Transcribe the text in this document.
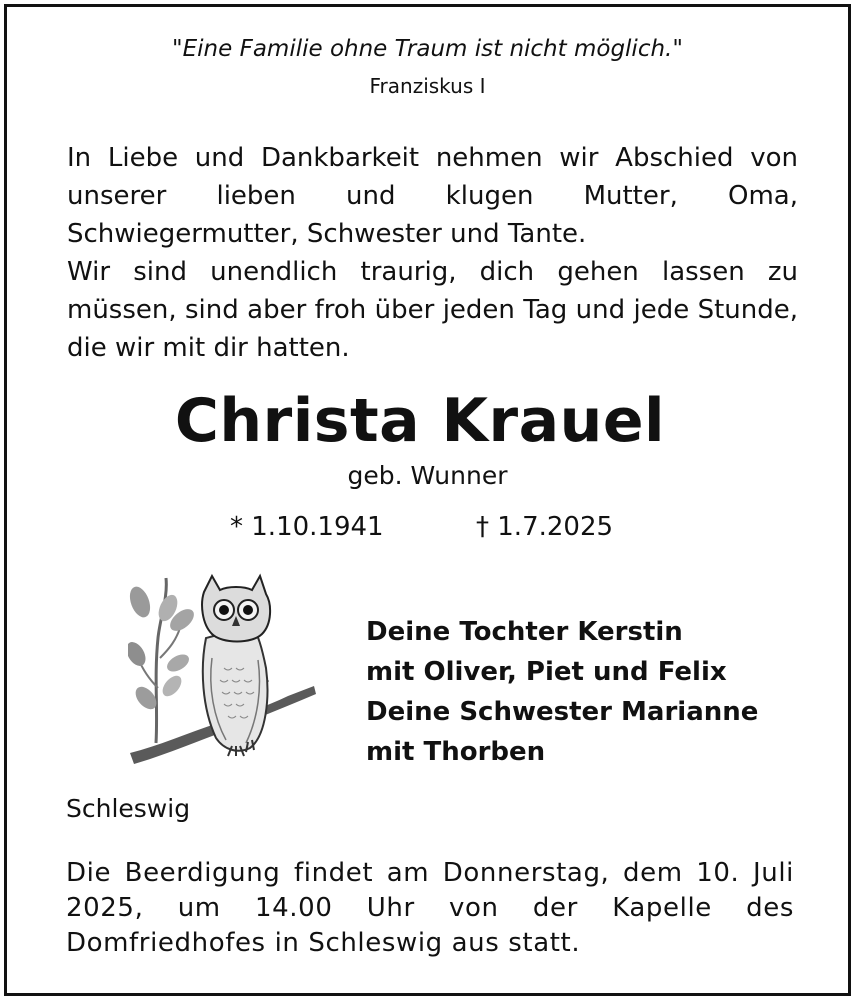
"Eine Familie ohne Traum ist nicht möglich."
Franziskus I

In Liebe und Dankbarkeit nehmen wir Abschied von unserer lieben und klugen Mutter, Oma, Schwiegermutter, Schwester und Tante.

Wir sind unendlich traurig, dich gehen lassen zu müssen, sind aber froh über jeden Tag und jede Stunde, die wir mit dir hatten.

Christa Krauel
geb. Wunner
* 1.10.1941	† 1.7.2025
Deine Tochter Kerstin
mit Oliver, Piet und Felix
Deine Schwester Marianne
mit Thorben
Schleswig

Die Beerdigung findet am Donnerstag, dem 10. Juli 2025, um 14.00 Uhr von der Kapelle des Domfriedhofes in Schleswig aus statt.
